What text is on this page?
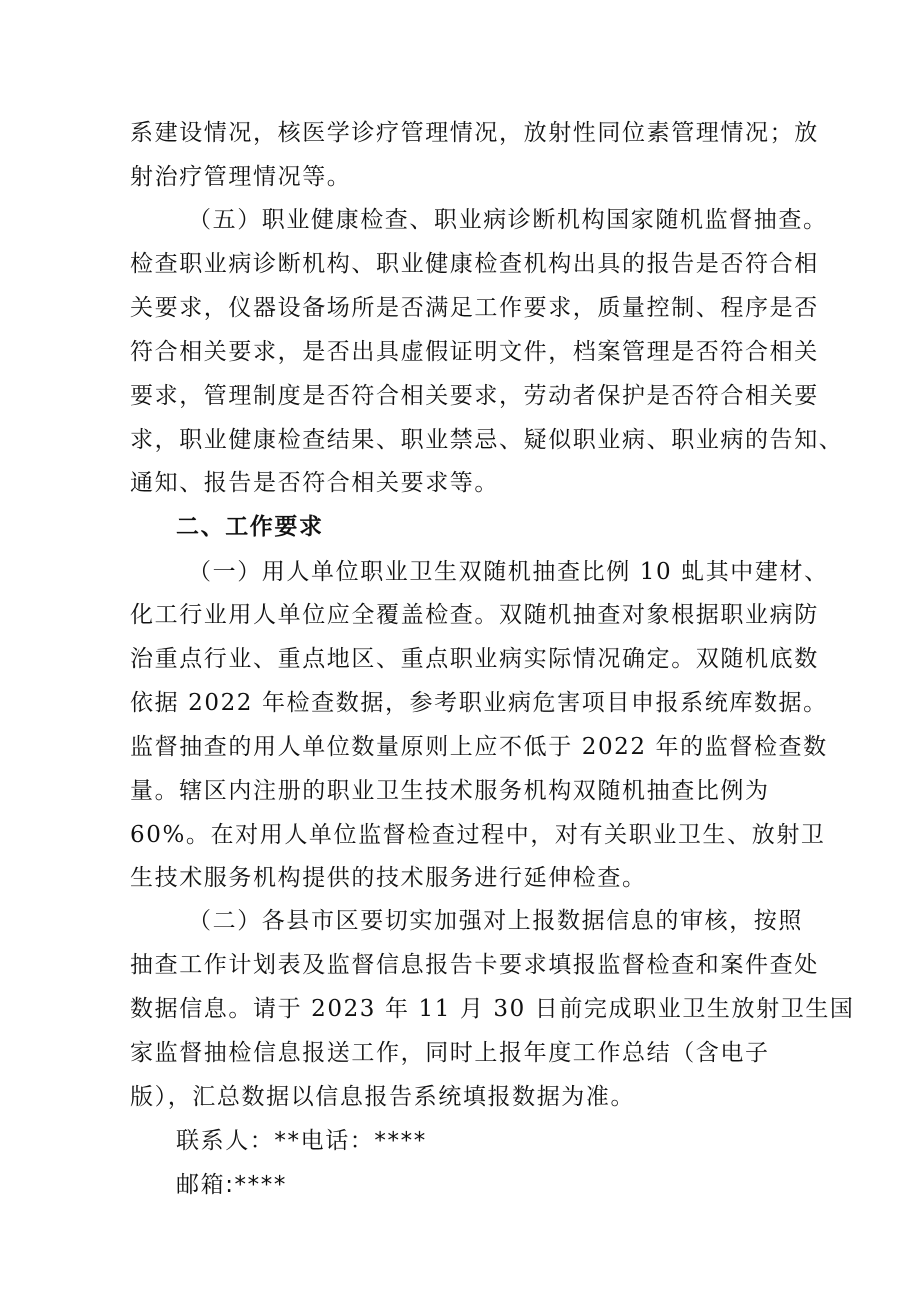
系建设情况，核医学诊疗管理情况，放射性同位素管理情况；放
射治疗管理情况等。
（五）职业健康检查、职业病诊断机构国家随机监督抽查。
检查职业病诊断机构、职业健康检查机构出具的报告是否符合相
关要求，仪器设备场所是否满足工作要求，质量控制、程序是否
符合相关要求，是否出具虚假证明文件，档案管理是否符合相关
要求，管理制度是否符合相关要求，劳动者保护是否符合相关要
求，职业健康检查结果、职业禁忌、疑似职业病、职业病的告知、
通知、报告是否符合相关要求等。
二、工作要求
（一）用人单位职业卫生双随机抽查比例 10 虬其中建材、
化工行业用人单位应全覆盖检查。双随机抽查对象根据职业病防
治重点行业、重点地区、重点职业病实际情况确定。双随机底数
依据 2022 年检查数据，参考职业病危害项目申报系统库数据。
监督抽查的用人单位数量原则上应不低于 2022 年的监督检查数
量。辖区内注册的职业卫生技术服务机构双随机抽查比例为
60%。在对用人单位监督检查过程中，对有关职业卫生、放射卫
生技术服务机构提供的技术服务进行延伸检查。
（二）各县市区要切实加强对上报数据信息的审核，按照
抽查工作计划表及监督信息报告卡要求填报监督检查和案件查处
数据信息。请于 2023 年 11 月 30 日前完成职业卫生放射卫生国
家监督抽检信息报送工作，同时上报年度工作总结（含电子
版），汇总数据以信息报告系统填报数据为准。
联系人：**电话：****
邮箱:****
